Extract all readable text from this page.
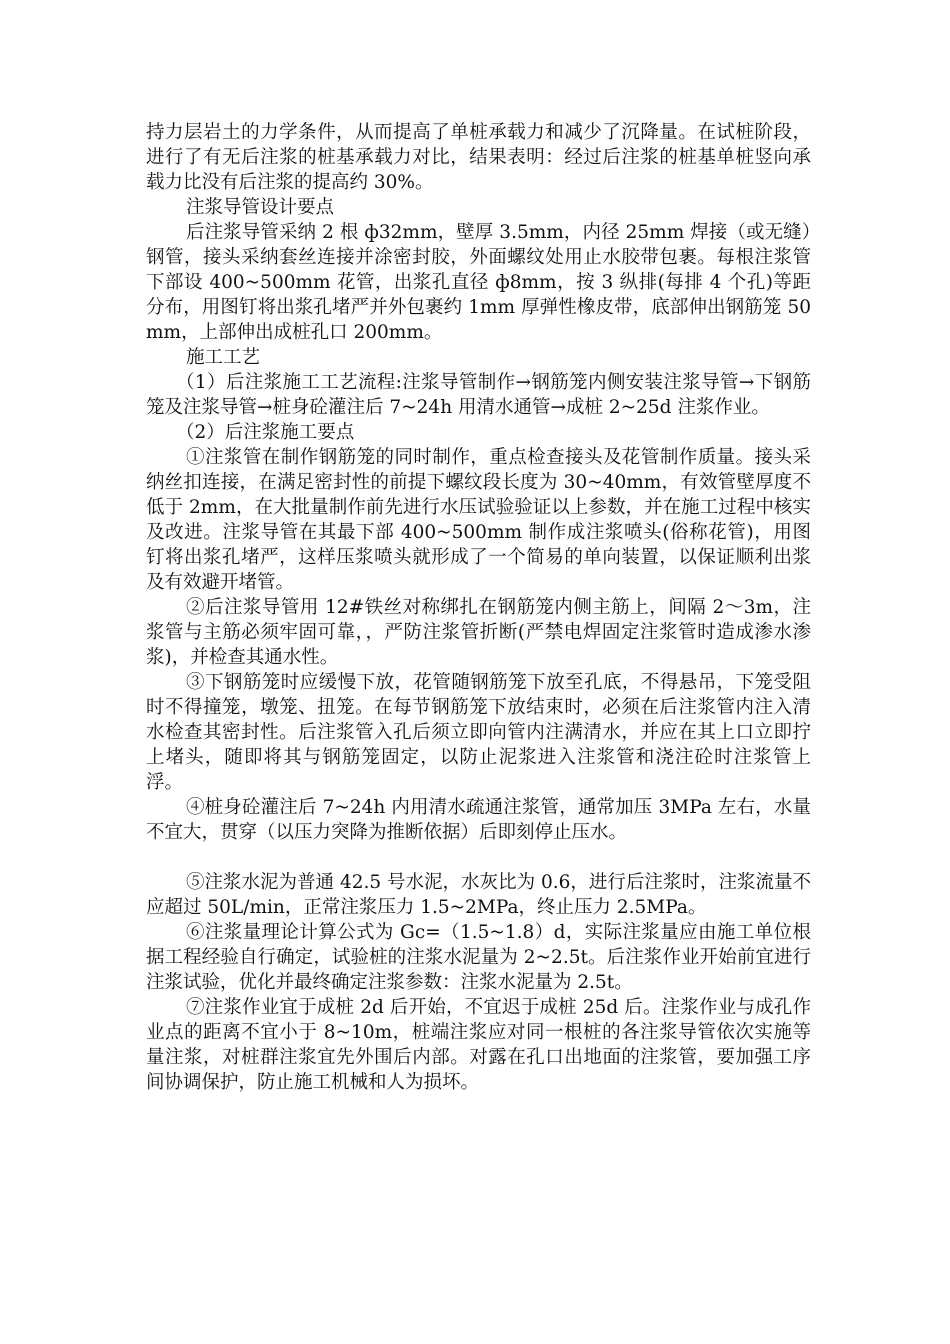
持力层岩土的力学条件，从而提高了单桩承载力和减少了沉降量。在试桩阶段，进行了有无后注浆的桩基承载力对比，结果表明：经过后注浆的桩基单桩竖向承载力比没有后注浆的提高约 30%。

注浆导管设计要点

后注浆导管采纳 2 根 ф32mm，壁厚 3.5mm，内径 25mm 焊接（或无缝）钢管，接头采纳套丝连接并涂密封胶，外面螺纹处用止水胶带包裹。每根注浆管下部设 400~500mm 花管，出浆孔直径 ф8mm，按 3 纵排(每排 4 个孔)等距分布，用图钉将出浆孔堵严并外包裹约 1mm 厚弹性橡皮带，底部伸出钢筋笼 50mm，上部伸出成桩孔口 200mm。

施工工艺

（1）后注浆施工工艺流程:注浆导管制作→钢筋笼内侧安装注浆导管→下钢筋笼及注浆导管→桩身砼灌注后 7~24h 用清水通管→成桩 2~25d 注浆作业。

（2）后注浆施工要点

①注浆管在制作钢筋笼的同时制作，重点检查接头及花管制作质量。接头采纳丝扣连接，在满足密封性的前提下螺纹段长度为 30~40mm，有效管壁厚度不低于 2mm，在大批量制作前先进行水压试验验证以上参数，并在施工过程中核实及改进。注浆导管在其最下部 400~500mm 制作成注浆喷头(俗称花管)，用图钉将出浆孔堵严，这样压浆喷头就形成了一个简易的单向装置，以保证顺利出浆及有效避开堵管。

②后注浆导管用 12#铁丝对称绑扎在钢筋笼内侧主筋上，间隔 2～3m，注浆管与主筋必须牢固可靠，，严防注浆管折断(严禁电焊固定注浆管时造成渗水渗浆)，并检查其通水性。

③下钢筋笼时应缓慢下放，花管随钢筋笼下放至孔底，不得悬吊，下笼受阻时不得撞笼，墩笼、扭笼。在每节钢筋笼下放结束时，必须在后注浆管内注入清水检查其密封性。后注浆管入孔后须立即向管内注满清水，并应在其上口立即拧上堵头，随即将其与钢筋笼固定，以防止泥浆进入注浆管和浇注砼时注浆管上浮。

④桩身砼灌注后 7~24h 内用清水疏通注浆管，通常加压 3MPa 左右，水量不宜大，贯穿（以压力突降为推断依据）后即刻停止压水。

⑤注浆水泥为普通 42.5 号水泥，水灰比为 0.6，进行后注浆时，注浆流量不应超过 50L/min，正常注浆压力 1.5~2MPa，终止压力 2.5MPa。

⑥注浆量理论计算公式为 Gc=（1.5~1.8）d，实际注浆量应由施工单位根据工程经验自行确定，试验桩的注浆水泥量为 2~2.5t。后注浆作业开始前宜进行注浆试验，优化并最终确定注浆参数：注浆水泥量为 2.5t。

⑦注浆作业宜于成桩 2d 后开始，不宜迟于成桩 25d 后。注浆作业与成孔作业点的距离不宜小于 8~10m，桩端注浆应对同一根桩的各注浆导管依次实施等量注浆，对桩群注浆宜先外围后内部。对露在孔口出地面的注浆管，要加强工序间协调保护，防止施工机械和人为损坏。
